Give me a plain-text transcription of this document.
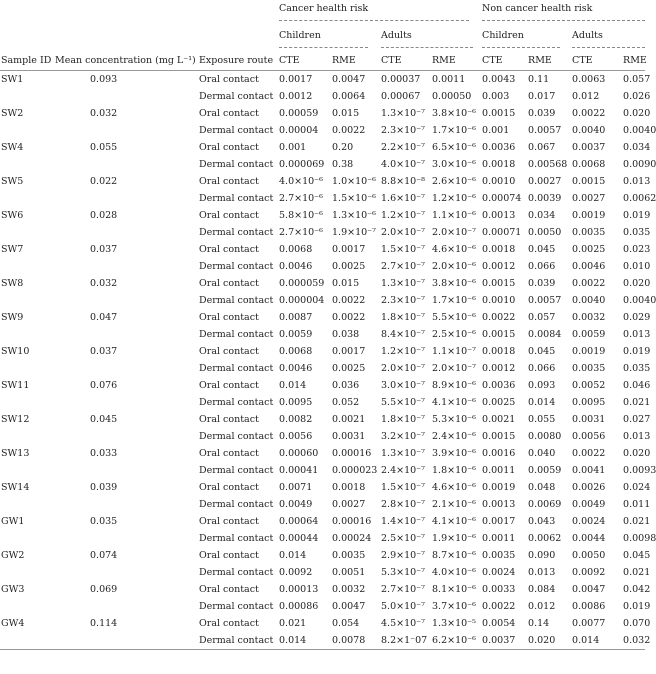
			Cancer health risk				Non cancer health risk			

			Children		Adults		Children		Adults	

Sample ID	Mean concentration (mg L⁻¹)	Exposure route	CTE	RME	CTE	RME	CTE	RME	CTE	RME
SW1	0.093	Oral contact	0.0017	0.0047	0.00037	0.0011	0.0043	0.11	0.0063	0.057
		Dermal contact	0.0012	0.0064	0.00067	0.00050	0.003	0.017	0.012	0.026
SW2	0.032	Oral contact	0.00059	0.015	1.3×10⁻⁷	3.8×10⁻⁶	0.0015	0.039	0.0022	0.020
		Dermal contact	0.00004	0.0022	2.3×10⁻⁷	1.7×10⁻⁶	0.001	0.0057	0.0040	0.0040
SW4	0.055	Oral contact	0.001	0.20	2.2×10⁻⁷	6.5×10⁻⁶	0.0036	0.067	0.0037	0.034
		Dermal contact	0.000069	0.38	4.0×10⁻⁷	3.0×10⁻⁶	0.0018	0.00568	0.0068	0.0090
SW5	0.022	Oral contact	4.0×10⁻⁶	1.0×10⁻⁶	8.8×10⁻⁸	2.6×10⁻⁶	0.0010	0.0027	0.0015	0.013
		Dermal contact	2.7×10⁻⁶	1.5×10⁻⁶	1.6×10⁻⁷	1.2×10⁻⁶	0.00074	0.0039	0.0027	0.0062
SW6	0.028	Oral contact	5.8×10⁻⁶	1.3×10⁻⁶	1.2×10⁻⁷	1.1×10⁻⁶	0.0013	0.034	0.0019	0.019
		Dermal contact	2.7×10⁻⁶	1.9×10⁻⁷	2.0×10⁻⁷	2.0×10⁻⁷	0.00071	0.0050	0.0035	0.035
SW7	0.037	Oral contact	0.0068	0.0017	1.5×10⁻⁷	4.6×10⁻⁶	0.0018	0.045	0.0025	0.023
		Dermal contact	0.0046	0.0025	2.7×10⁻⁷	2.0×10⁻⁶	0.0012	0.066	0.0046	0.010
SW8	0.032	Oral contact	0.000059	0.015	1.3×10⁻⁷	3.8×10⁻⁶	0.0015	0.039	0.0022	0.020
		Dermal contact	0.000004	0.0022	2.3×10⁻⁷	1.7×10⁻⁶	0.0010	0.0057	0.0040	0.0040
SW9	0.047	Oral contact	0.0087	0.0022	1.8×10⁻⁷	5.5×10⁻⁶	0.0022	0.057	0.0032	0.029
		Dermal contact	0.0059	0.038	8.4×10⁻⁷	2.5×10⁻⁶	0.0015	0.0084	0.0059	0.013
SW10	0.037	Oral contact	0.0068	0.0017	1.2×10⁻⁷	1.1×10⁻⁷	0.0018	0.045	0.0019	0.019
		Dermal contact	0.0046	0.0025	2.0×10⁻⁷	2.0×10⁻⁷	0.0012	0.066	0.0035	0.035
SW11	0.076	Oral contact	0.014	0.036	3.0×10⁻⁷	8.9×10⁻⁶	0.0036	0.093	0.0052	0.046
		Dermal contact	0.0095	0.052	5.5×10⁻⁷	4.1×10⁻⁶	0.0025	0.014	0.0095	0.021
SW12	0.045	Oral contact	0.0082	0.0021	1.8×10⁻⁷	5.3×10⁻⁶	0.0021	0.055	0.0031	0.027
		Dermal contact	0.0056	0.0031	3.2×10⁻⁷	2.4×10⁻⁶	0.0015	0.0080	0.0056	0.013
SW13	0.033	Oral contact	0.00060	0.00016	1.3×10⁻⁷	3.9×10⁻⁶	0.0016	0.040	0.0022	0.020
		Dermal contact	0.00041	0.000023	2.4×10⁻⁷	1.8×10⁻⁶	0.0011	0.0059	0.0041	0.0093
SW14	0.039	Oral contact	0.0071	0.0018	1.5×10⁻⁷	4.6×10⁻⁶	0.0019	0.048	0.0026	0.024
		Dermal contact	0.0049	0.0027	2.8×10⁻⁷	2.1×10⁻⁶	0.0013	0.0069	0.0049	0.011
GW1	0.035	Oral contact	0.00064	0.00016	1.4×10⁻⁷	4.1×10⁻⁶	0.0017	0.043	0.0024	0.021
		Dermal contact	0.00044	0.00024	2.5×10⁻⁷	1.9×10⁻⁶	0.0011	0.0062	0.0044	0.0098
GW2	0.074	Oral contact	0.014	0.0035	2.9×10⁻⁷	8.7×10⁻⁶	0.0035	0.090	0.0050	0.045
		Dermal contact	0.0092	0.0051	5.3×10⁻⁷	4.0×10⁻⁶	0.0024	0.013	0.0092	0.021
GW3	0.069	Oral contact	0.00013	0.0032	2.7×10⁻⁷	8.1×10⁻⁶	0.0033	0.084	0.0047	0.042
		Dermal contact	0.00086	0.0047	5.0×10⁻⁷	3.7×10⁻⁶	0.0022	0.012	0.0086	0.019
GW4	0.114	Oral contact	0.021	0.054	4.5×10⁻⁷	1.3×10⁻⁵	0.0054	0.14	0.0077	0.070
		Dermal contact	0.014	0.0078	8.2×1⁻07	6.2×10⁻⁶	0.0037	0.020	0.014	0.032
